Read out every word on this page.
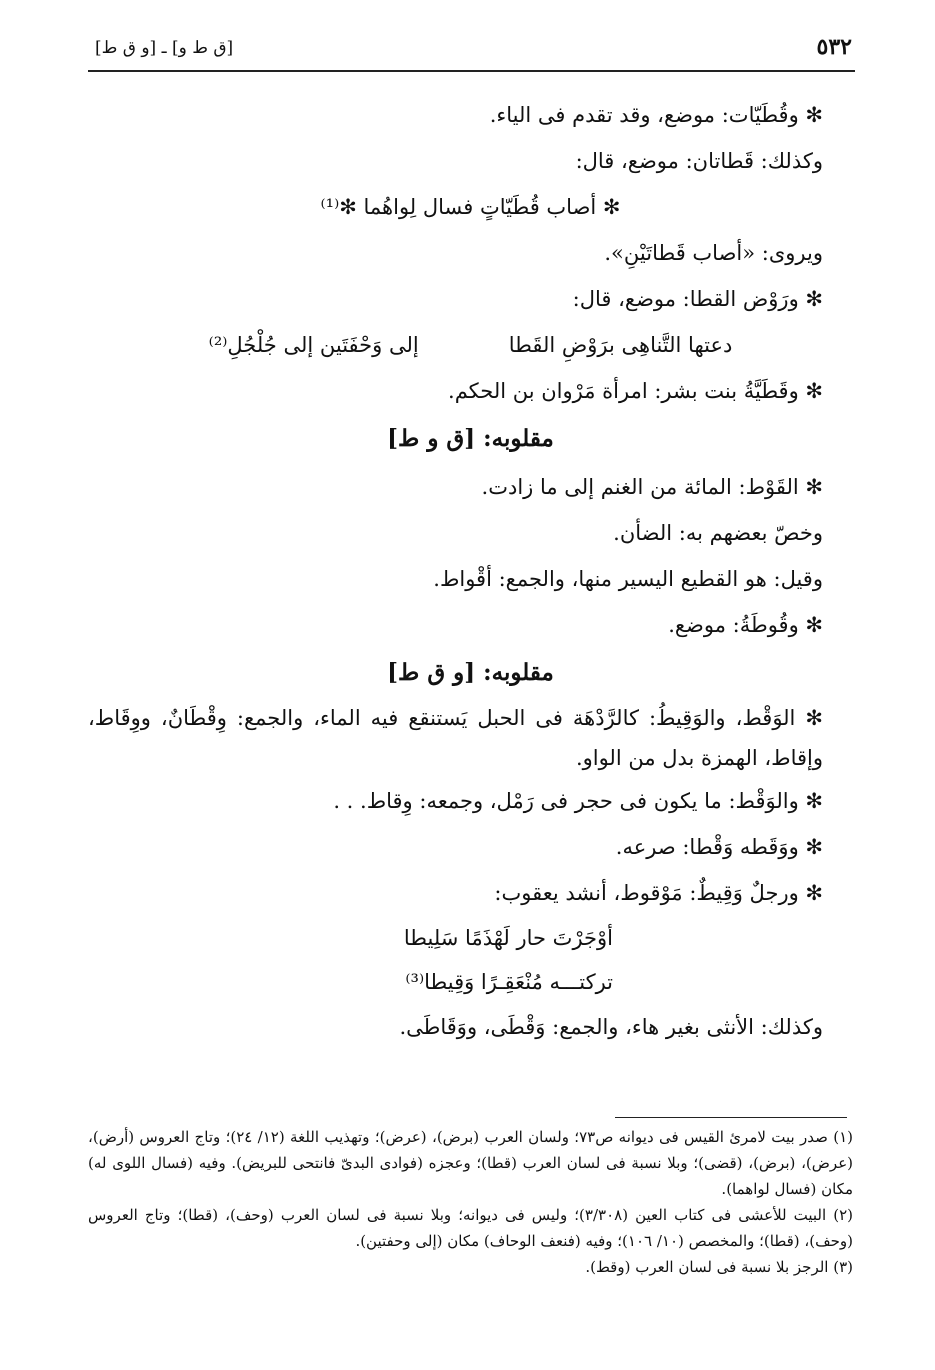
٥٣٢
[ق ط و] ـ [و ق ط]
✻ وقُطَيّات: موضع، وقد تقدم فى الياء.
وكذلك: قَطاتان: موضع، قال:
✻ أصاب قُطَيّاتٍ فسال لِواهُما ✻⁽¹⁾
ويروى: «أصاب قَطاتَيْنِ».
✻ ورَوْض القطا: موضع، قال:
دعتها التَّناهِى برَوْضِ القَطا
إلى وَحْفَتَين إلى جُلْجُلِ⁽²⁾
✻ وقَطَيَّةُ بنت بشر: امرأة مَرْوان بن الحكم.
مقلوبه: [ق و ط]
✻ القَوْط: المائة من الغنم إلى ما زادت.
وخصّ بعضهم به: الضأن.
وقيل: هو القطيع اليسير منها، والجمع: أقْواط.
✻ وقُوطَةُ: موضع.
مقلوبه: [و ق ط]
✻ الوَقْط، والوَقِيطُ: كالرَّدْهَة فى الحبل يَستنقع فيه الماء، والجمع: وِقْطَانٌ، ووِقَاط، وإقاط، الهمزة بدل من الواو.
✻ والوَقْط: ما يكون فى حجر فى رَمْل، وجمعه: وِقاط. . .
✻ ووَقَطه وَقْطا: صرعه.
✻ ورجلٌ وَقِيطٌ: مَوْقوط، أنشد يعقوب:
أوْجَرْتَ حار لَهْذَمًا سَلِيطا
تركتـــه مُنْعَقِـرًا وَقِيطا⁽³⁾
وكذلك: الأنثى بغير هاء، والجمع: وَقْطَى، ووَقَاطَى.
(١) صدر بيت لامرئ القيس فى ديوانه ص٧٣؛ ولسان العرب (برض)، (عرض)؛ وتهذيب اللغة (١٢/ ٢٤)؛ وتاج العروس (أرض)، (عرض)، (برض)، (قضى)؛ وبلا نسبة فى لسان العرب (قطا)؛ وعجزه (فوادى البدىّ فانتحى للبريض). وفيه (فسال اللوى له) مكان (فسال لواهما).
(٢) البيت للأعشى فى كتاب العين (٣/٣٠٨)؛ وليس فى ديوانه؛ وبلا نسبة فى لسان العرب (وحف)، (قطا)؛ وتاج العروس (وحف)، (قطا)؛ والمخصص (١٠/ ١٠٦)؛ وفيه (فنعف الوحاف) مكان (إلى وحفتين).
(٣) الرجز بلا نسبة فى لسان العرب (وقط).
